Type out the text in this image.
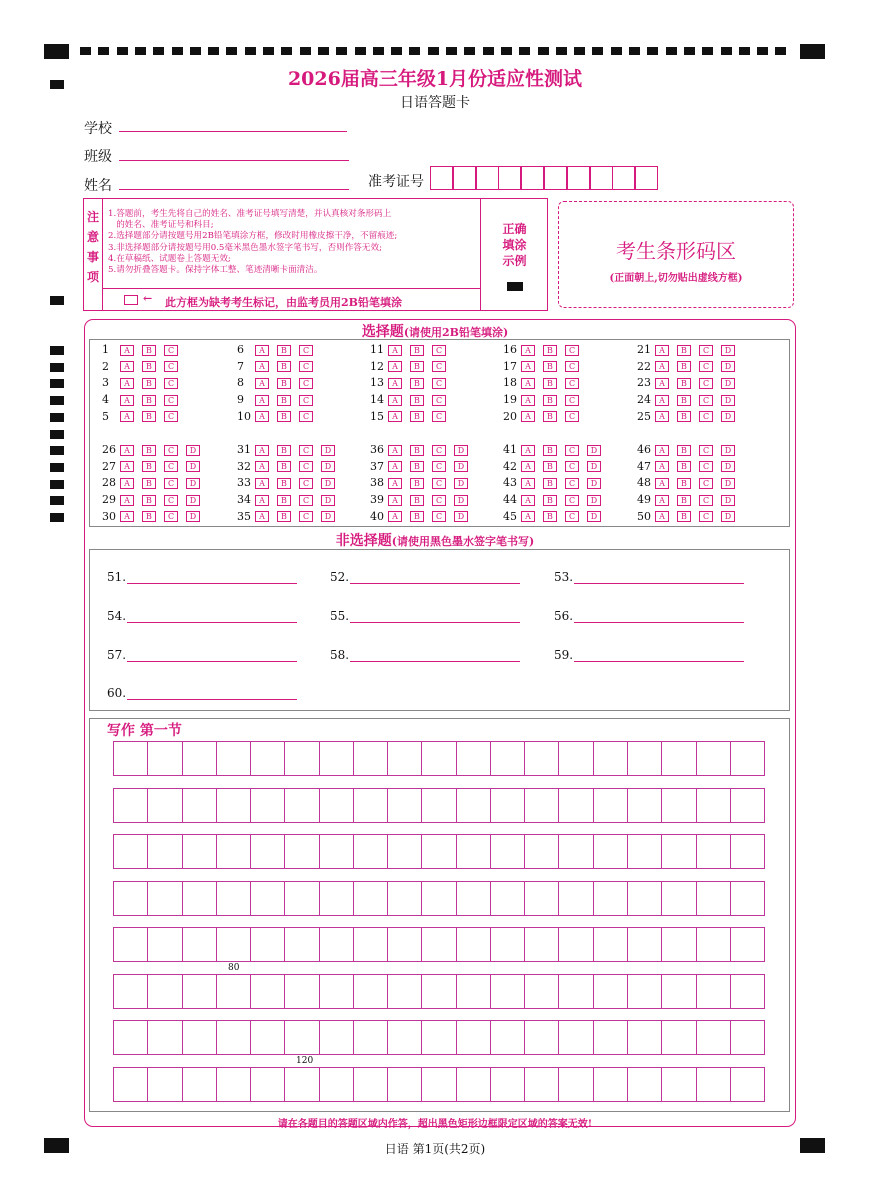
2026届高三年级1月份适应性测试
日语答题卡
学校
班级
姓名	准考证号
注
意
事
项
1.答题前，考生先将自己的姓名、准考证号填写清楚，并认真核对条形码上
的姓名、准考证号和科目;
2.选择题部分请按题号用2B铅笔填涂方框，修改时用橡皮擦干净，不留痕迹;
3.非选择题部分请按题号用0.5毫米黑色墨水签字笔书写，否则作答无效;
4.在草稿纸、试题卷上答题无效;
5.请勿折叠答题卡。保持字体工整、笔迹清晰卡面清洁。
← 此方框为缺考考生标记，由监考员用2B铅笔填涂
正确
填涂
示例	考生条形码区
(正面朝上,切勿贴出虚线方框)
选择题(请使用2B铅笔填涂)
1 A B C
2 A B C
3 A B C
4 A B C
5 A B C
26 A B C D
27 A B C D
28 A B C D
29 A B C D
30 A B C D
6 A B C
7 A B C
8 A B C
9 A B C
10 A B C
31 A B C D
32 A B C D
33 A B C D
34 A B C D
35 A B C D
11 A B C
12 A B C
13 A B C
14 A B C
15 A B C
36 A B C D
37 A B C D
38 A B C D
39 A B C D
40 A B C D
16 A B C
17 A B C
18 A B C
19 A B C
20 A B C
41 A B C D
42 A B C D
43 A B C D
44 A B C D
45 A B C D
21 A B C D
22 A B C D
23 A B C D
24 A B C D
25 A B C D
46 A B C D
47 A B C D
48 A B C D
49 A B C D
50 A B C D
非选择题(请使用黑色墨水签字笔书写)
51.	52.	53.
54.	55.	56.
57.	58.	59.
60.
写作 第一节
80
120
请在各题目的答题区域内作答，超出黑色矩形边框限定区域的答案无效!
日语 第1页(共2页)
